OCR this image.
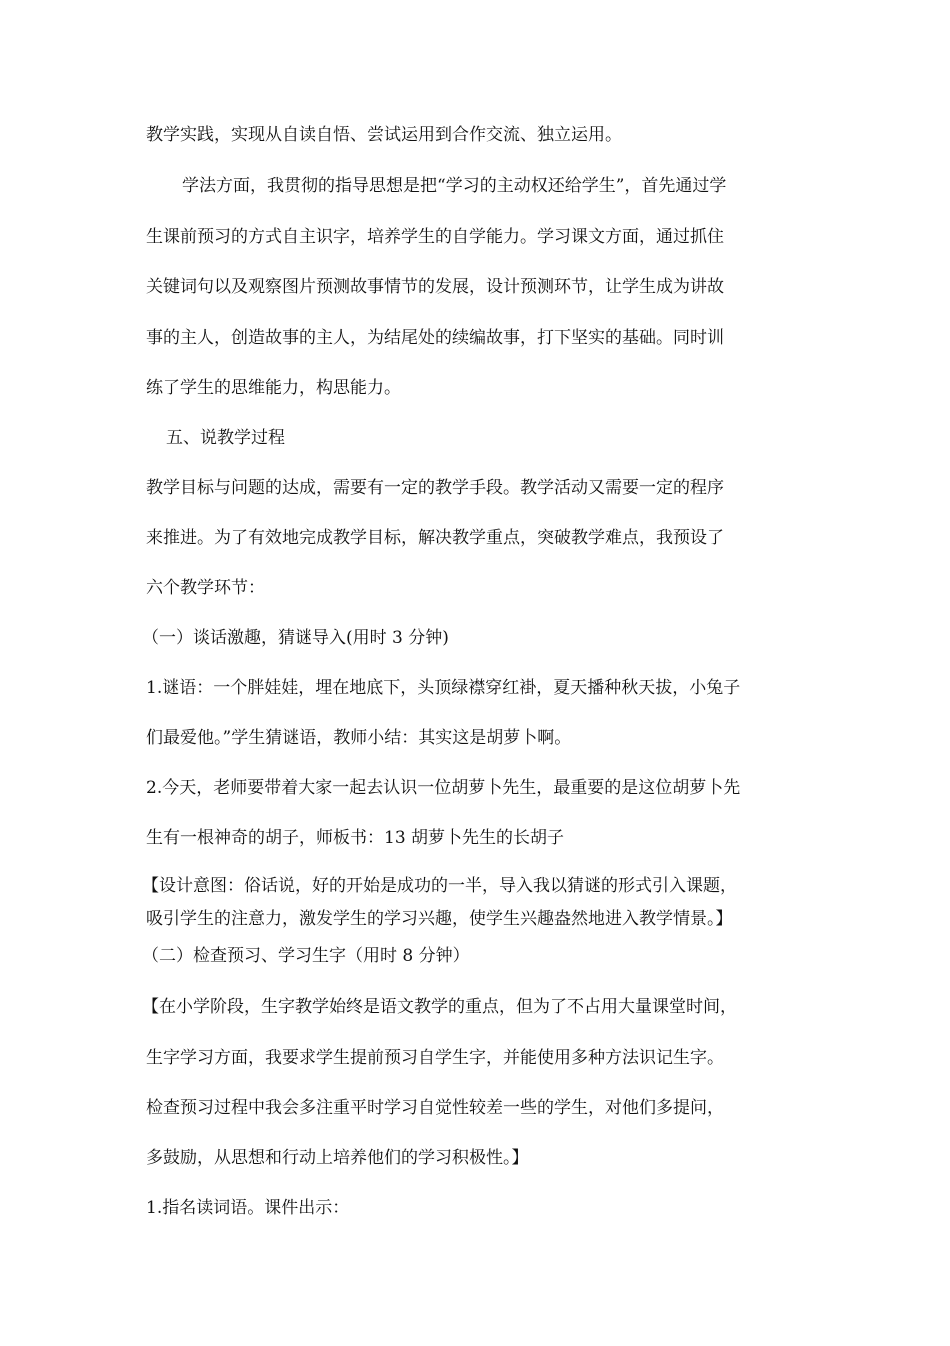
教学实践，实现从自读自悟、尝试运用到合作交流、独立运用。
学法方面，我贯彻的指导思想是把“学习的主动权还给学生”，首先通过学
生课前预习的方式自主识字，培养学生的自学能力。学习课文方面，通过抓住
关键词句以及观察图片预测故事情节的发展，设计预测环节，让学生成为讲故
事的主人，创造故事的主人，为结尾处的续编故事，打下坚实的基础。同时训
练了学生的思维能力，构思能力。
五、说教学过程
教学目标与问题的达成，需要有一定的教学手段。教学活动又需要一定的程序
来推进。为了有效地完成教学目标，解决教学重点，突破教学难点，我预设了
六个教学环节：
（一）谈话激趣，猜谜导入(用时 3 分钟)
1.谜语：一个胖娃娃，埋在地底下，头顶绿襟穿红褂，夏天播种秋天拔，小兔子
们最爱他。”学生猜谜语，教师小结：其实这是胡萝卜啊。
2.今天，老师要带着大家一起去认识一位胡萝卜先生，最重要的是这位胡萝卜先
生有一根神奇的胡子，师板书：13 胡萝卜先生的长胡子
【设计意图：俗话说，好的开始是成功的一半，导入我以猜谜的形式引入课题，
吸引学生的注意力，激发学生的学习兴趣，使学生兴趣盎然地进入教学情景。】
（二）检查预习、学习生字（用时 8 分钟）
【在小学阶段，生字教学始终是语文教学的重点，但为了不占用大量课堂时间，
生字学习方面，我要求学生提前预习自学生字，并能使用多种方法识记生字。
检查预习过程中我会多注重平时学习自觉性较差一些的学生，对他们多提问，
多鼓励，从思想和行动上培养他们的学习积极性。】
1.指名读词语。课件出示：
